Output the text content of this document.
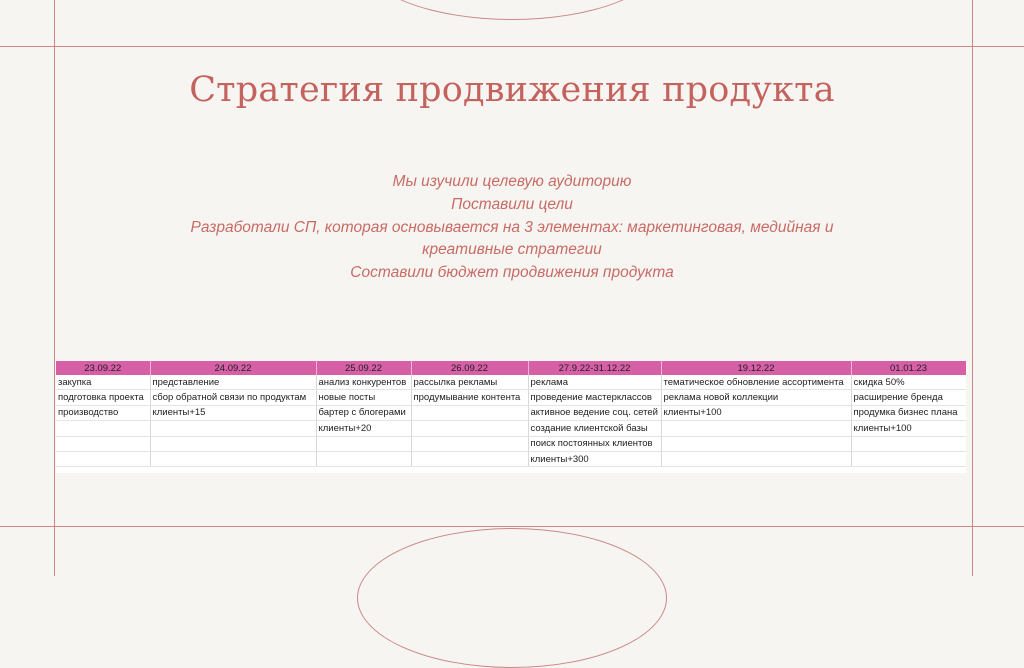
Стратегия продвижения продукта
Мы изучили целевую аудиторию
Поставили цели
Разработали СП, которая основывается на 3 элементах: маркетинговая, медийная и
креативные стратегии
Составили бюджет продвижения продукта
23.09.22	24.09.22	25.09.22	26.09.22	27.9.22-31.12.22	19.12.22	01.01.23
закупка	представление	анализ конкурентов	рассылка рекламы	реклама	тематическое обновление ассортимента	скидка 50%
подготовка проекта	сбор обратной связи по продуктам	новые посты	продумывание контента	проведение мастерклассов	реклама новой коллекции	расширение бренда
производство	клиенты+15	бартер с блогерами		активное ведение соц. сетей	клиенты+100	продумка бизнес плана
		клиенты+20		создание клиентской базы		клиенты+100
				поиск постоянных клиентов		
				клиенты+300		
